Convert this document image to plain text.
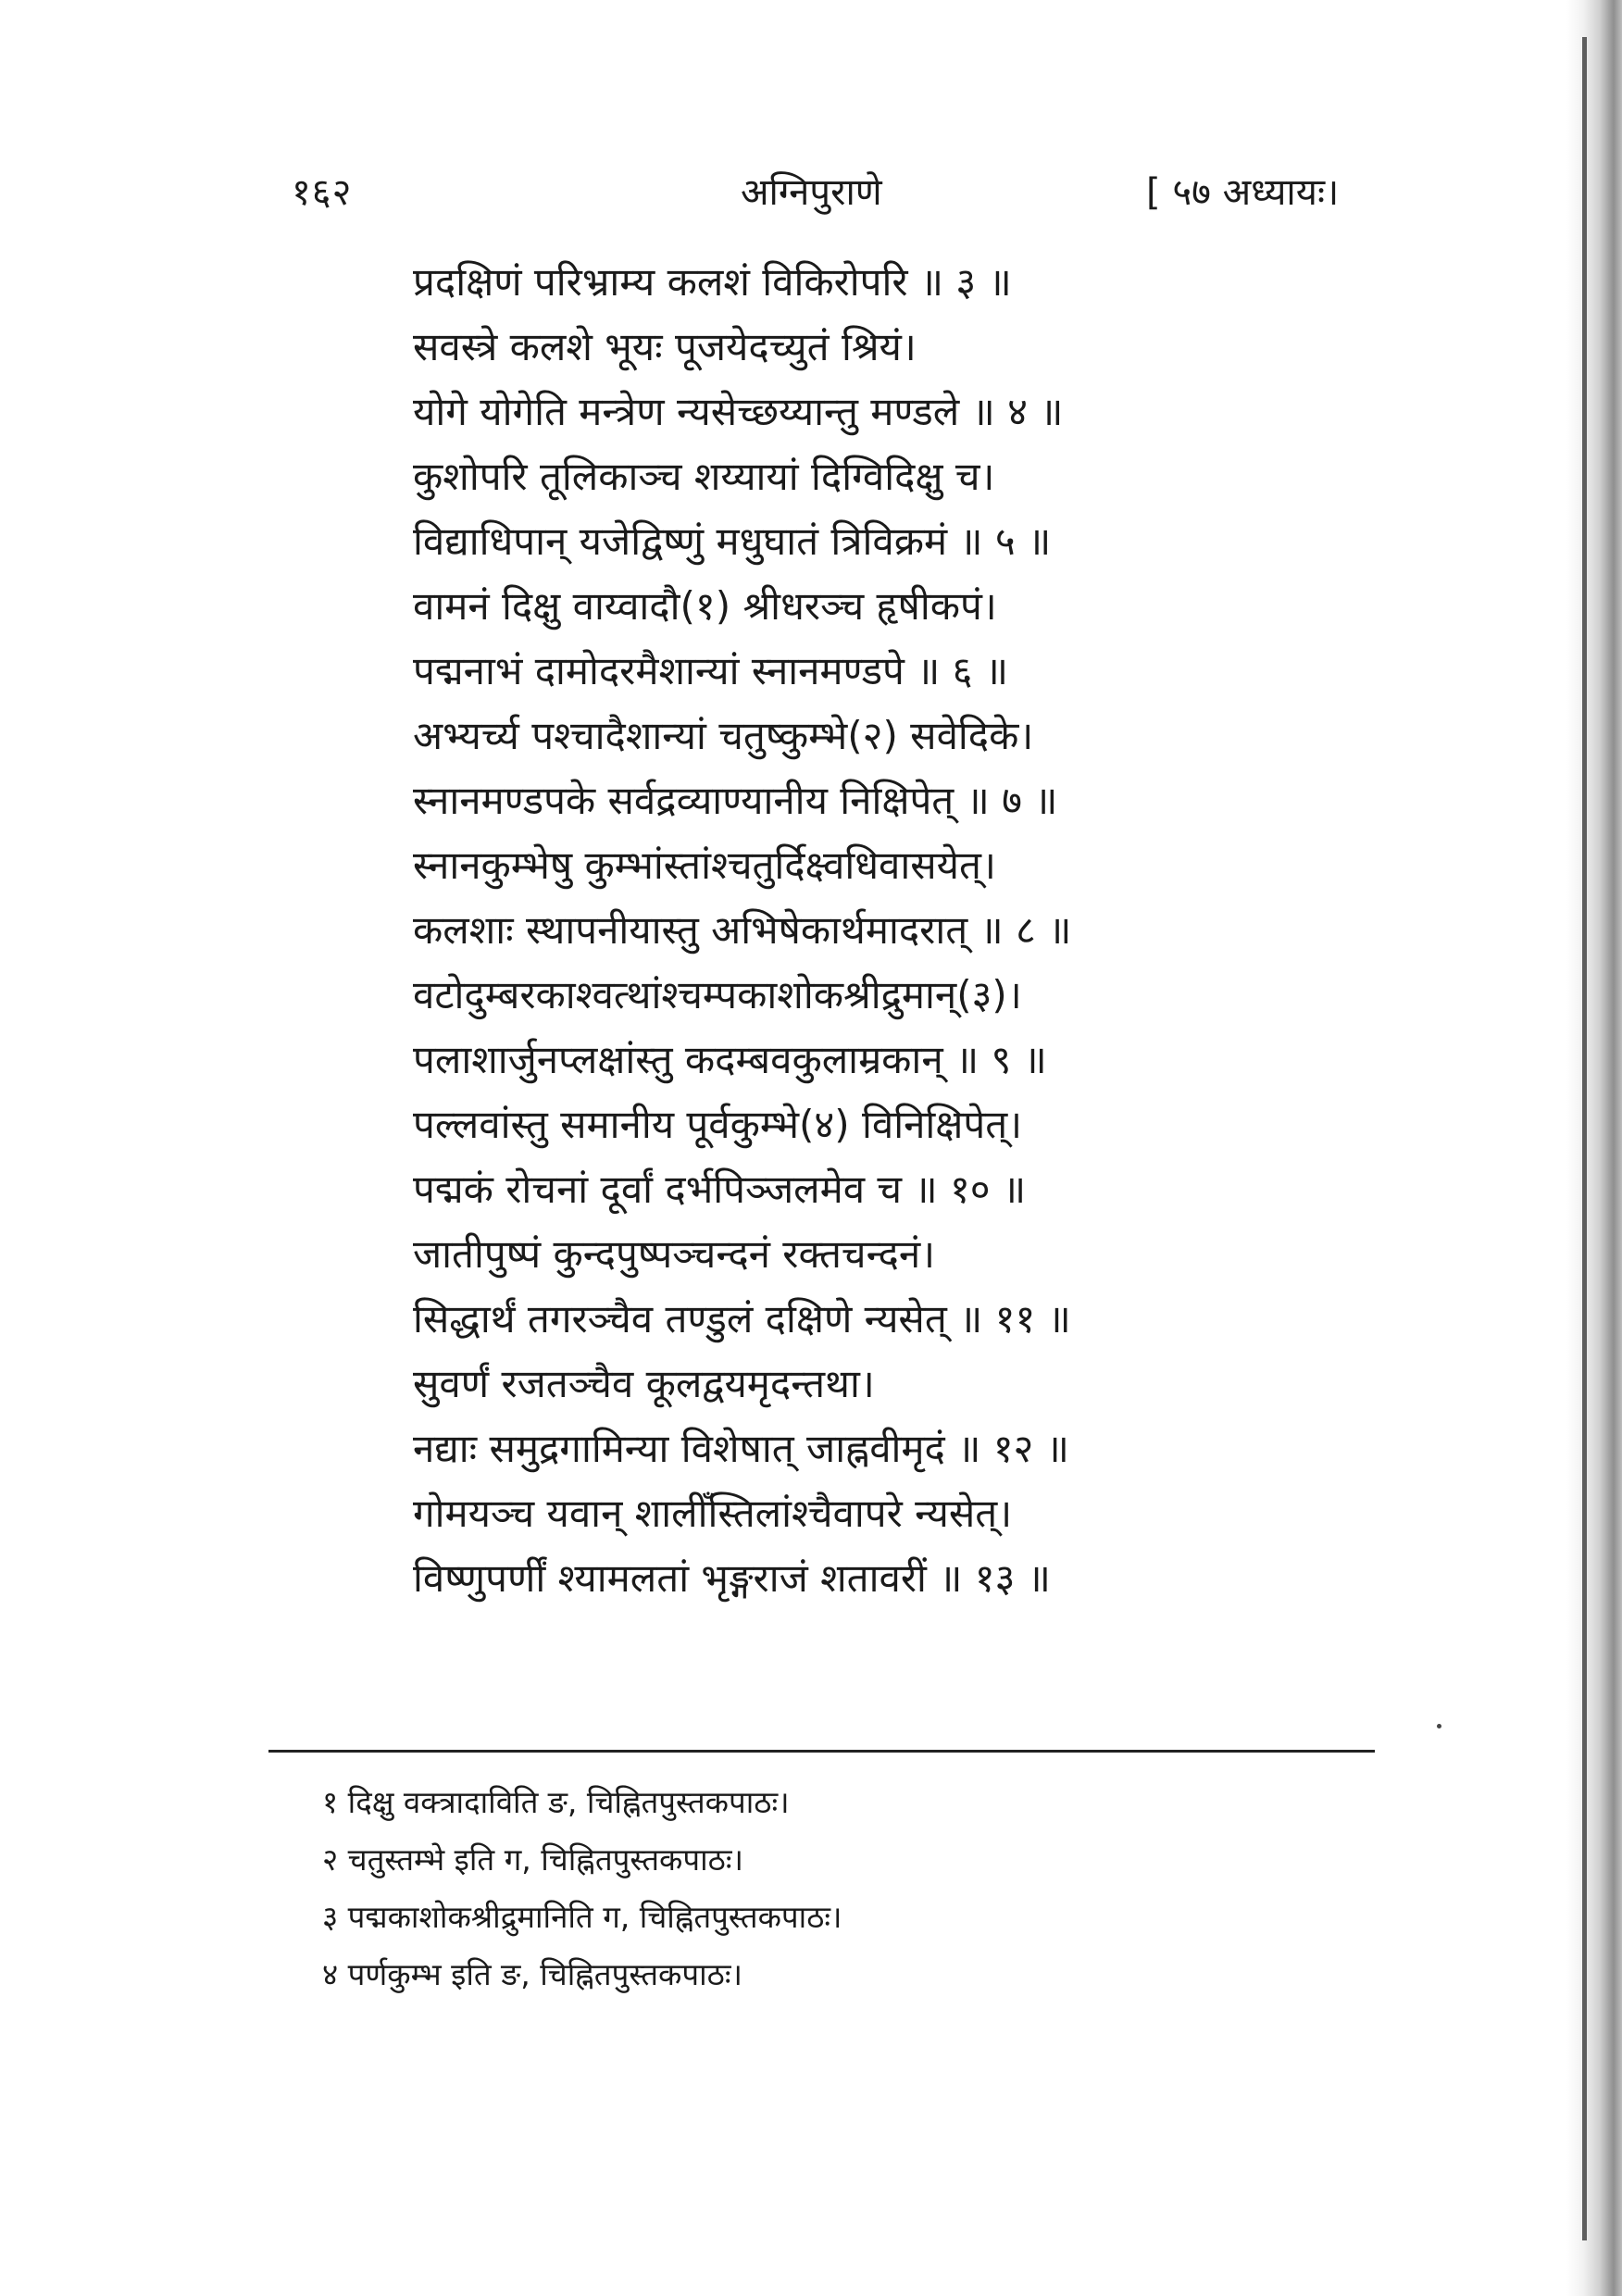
१६२	अग्निपुराणे	[ ५७ अध्यायः।
प्रदक्षिणं परिभ्राम्य कलशं विकिरोपरि ॥ ३ ॥
सवस्त्रे कलशे भूयः पूजयेदच्युतं श्रियं।
योगे योगेति मन्त्रेण न्यसेच्छय्यान्तु मण्डले ॥ ४ ॥
कुशोपरि तूलिकाञ्च शय्यायां दिग्विदिक्षु च।
विद्याधिपान् यजेद्विष्णुं मधुघातं त्रिविक्रमं ॥ ५ ॥
वामनं दिक्षु वाय्वादौ(१) श्रीधरञ्च हृषीकपं।
पद्मनाभं दामोदरमैशान्यां स्नानमण्डपे ॥ ६ ॥
अभ्यर्च्य पश्चादैशान्यां चतुष्कुम्भे(२) सवेदिके।
स्नानमण्डपके सर्वद्रव्याण्यानीय निक्षिपेत् ॥ ७ ॥
स्नानकुम्भेषु कुम्भांस्तांश्चतुर्दिक्ष्वधिवासयेत्।
कलशाः स्थापनीयास्तु अभिषेकार्थमादरात् ॥ ८ ॥
वटोदुम्बरकाश्वत्थांश्चम्पकाशोकश्रीद्रुमान्(३)।
पलाशार्जुनप्लक्षांस्तु कदम्बवकुलाम्रकान् ॥ ९ ॥
पल्लवांस्तु समानीय पूर्वकुम्भे(४) विनिक्षिपेत्।
पद्मकं रोचनां दूर्वां दर्भपिञ्जलमेव च ॥ १० ॥
जातीपुष्पं कुन्दपुष्पञ्चन्दनं रक्तचन्दनं।
सिद्धार्थं तगरञ्चैव तण्डुलं दक्षिणे न्यसेत् ॥ ११ ॥
सुवर्णं रजतञ्चैव कूलद्वयमृदन्तथा।
नद्याः समुद्रगामिन्या विशेषात् जाह्नवीमृदं ॥ १२ ॥
गोमयञ्च यवान् शालीँस्तिलांश्चैवापरे न्यसेत्।
विष्णुपर्णीं श्यामलतां भृङ्गराजं शतावरीं ॥ १३ ॥
१ दिक्षु वक्त्रादाविति ङ, चिह्नितपुस्तकपाठः।
२ चतुस्तम्भे इति ग, चिह्नितपुस्तकपाठः।
३ पद्मकाशोकश्रीद्रुमानिति ग, चिह्नितपुस्तकपाठः।
४ पर्णकुम्भ इति ङ, चिह्नितपुस्तकपाठः।
